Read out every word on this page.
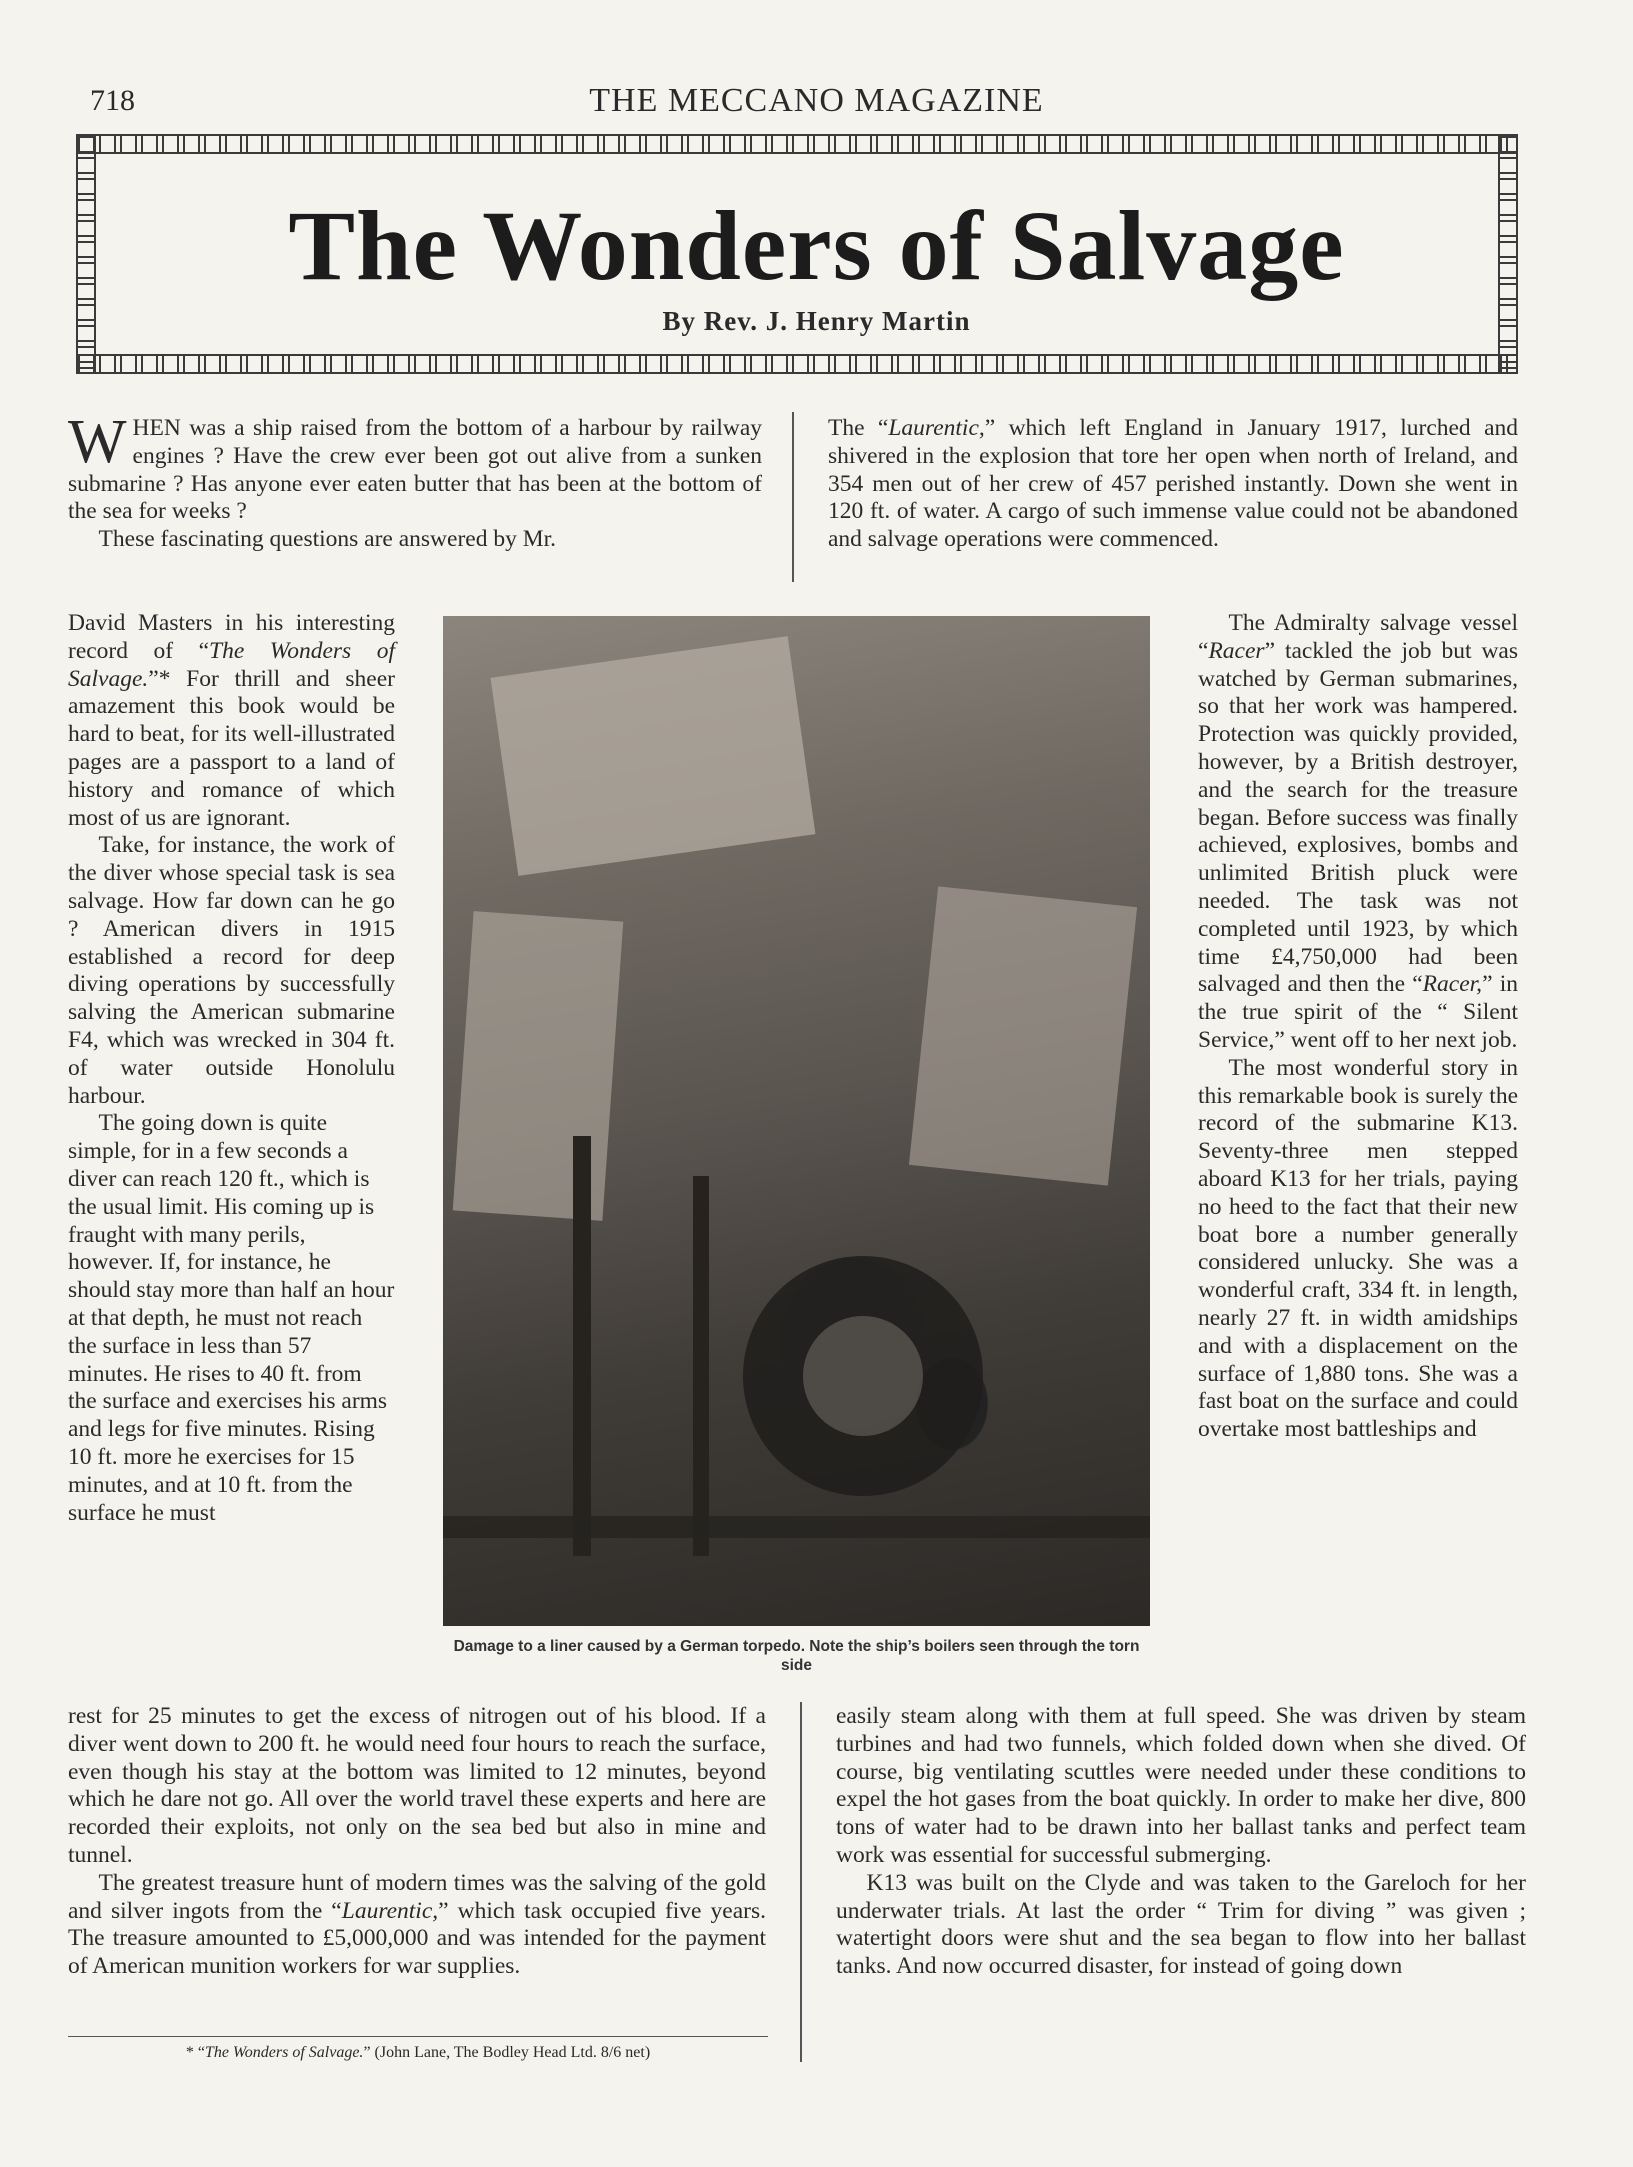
718	THE MECCANO MAGAZINE
The Wonders of Salvage
By Rev. J. Henry Martin

WHEN was a ship raised from the bottom of a harbour by railway engines ? Have the crew ever been got out alive from a sunken submarine ? Has anyone ever eaten butter that has been at the bottom of the sea for weeks ?

These fascinating questions are answered by Mr.

David Masters in his interesting record of “The Wonders of Salvage.”* For thrill and sheer amazement this book would be hard to beat, for its well-illustrated pages are a passport to a land of history and romance of which most of us are ignorant.

Take, for instance, the work of the diver whose special task is sea salvage. How far down can he go ? American divers in 1915 established a record for deep diving operations by successfully salving the American submarine F4, which was wrecked in 304 ft. of water outside Honolulu harbour.

The going down is quite simple, for in a few seconds a diver can reach 120 ft., which is the usual limit. His coming up is fraught with many perils, however. If, for instance, he should stay more than half an hour at that depth, he must not reach the surface in less than 57 minutes. He rises to 40 ft. from the surface and exercises his arms and legs for five minutes. Rising 10 ft. more he exercises for 15 minutes, and at 10 ft. from the surface he must

rest for 25 minutes to get the excess of nitrogen out of his blood. If a diver went down to 200 ft. he would need four hours to reach the surface, even though his stay at the bottom was limited to 12 minutes, beyond which he dare not go. All over the world travel these experts and here are recorded their exploits, not only on the sea bed but also in mine and tunnel.

The greatest treasure hunt of modern times was the salving of the gold and silver ingots from the “Laurentic,” which task occupied five years. The treasure amounted to £5,000,000 and was intended for the payment of American munition workers for war supplies.

The “Laurentic,” which left England in January 1917, lurched and shivered in the explosion that tore her open when north of Ireland, and 354 men out of her crew of 457 perished instantly. Down she went in 120 ft. of water. A cargo of such immense value could not be abandoned and salvage operations were commenced.

The Admiralty salvage vessel “Racer” tackled the job but was watched by German submarines, so that her work was hampered. Protection was quickly provided, however, by a British destroyer, and the search for the treasure began. Before success was finally achieved, explosives, bombs and unlimited British pluck were needed. The task was not completed until 1923, by which time £4,750,000 had been salvaged and then the “Racer,” in the true spirit of the “ Silent Service,” went off to her next job.

The most wonderful story in this remarkable book is surely the record of the submarine K13. Seventy-three men stepped aboard K13 for her trials, paying no heed to the fact that their new boat bore a number generally considered unlucky. She was a wonderful craft, 334 ft. in length, nearly 27 ft. in width amidships and with a displacement on the surface of 1,880 tons. She was a fast boat on the surface and could overtake most battleships and

easily steam along with them at full speed. She was driven by steam turbines and had two funnels, which folded down when she dived. Of course, big ventilating scuttles were needed under these conditions to expel the hot gases from the boat quickly. In order to make her dive, 800 tons of water had to be drawn into her ballast tanks and perfect team work was essential for successful submerging.

K13 was built on the Clyde and was taken to the Gareloch for her underwater trials. At last the order “ Trim for diving ” was given ; watertight doors were shut and the sea began to flow into her ballast tanks. And now occurred disaster, for instead of going down

Damage to a liner caused by a German torpedo. Note the ship’s boilers seen through the torn side
* “The Wonders of Salvage.” (John Lane, The Bodley Head Ltd. 8/6 net)
